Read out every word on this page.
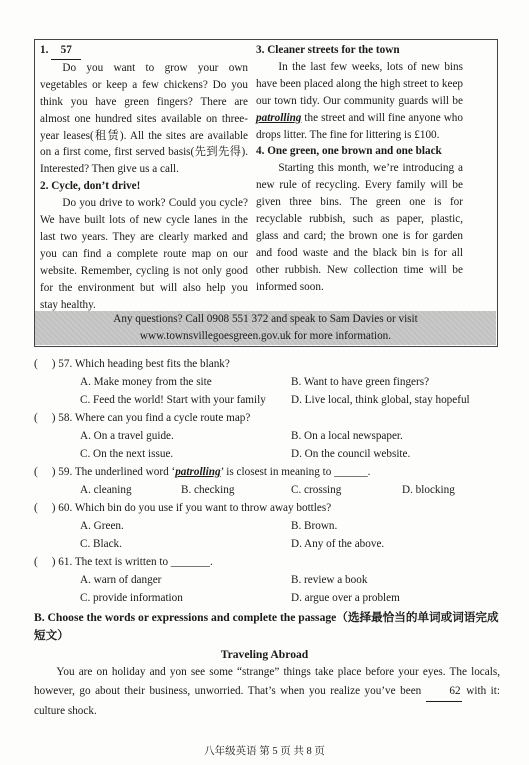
1. 57

Do you want to grow your own vegetables or keep a few chickens? Do you think you have green fingers? There are almost one hundred sites available on three-year leases(租赁). All the sites are available on a first come, first served basis(先到先得). Interested? Then give us a call.

2. Cycle, don’t drive!

Do you drive to work? Could you cycle? We have built lots of new cycle lanes in the last two years. They are clearly marked and you can find a complete route map on our website. Remember, cycling is not only good for the environment but will also help you stay healthy.

3. Cleaner streets for the town

In the last few weeks, lots of new bins have been placed along the high street to keep our town tidy. Our community guards will be patrolling the street and will fine anyone who drops litter. The fine for littering is £100.

4. One green, one brown and one black

Starting this month, we’re introducing a new rule of recycling. Every family will be given three bins. The green one is for recyclable rubbish, such as paper, plastic, glass and card; the brown one is for garden and food waste and the black bin is for all other rubbish. New collection time will be informed soon.

Any questions? Call 0908 551 372 and speak to Sam Davies or visit
www.townsvillegoesgreen.gov.uk for more information.
( ) 57. Which heading best fits the blank?
A. Make money from the site	B. Want to have green fingers?
C. Feed the world! Start with your family D. Live local, think global, stay hopeful
( ) 58. Where can you find a cycle route map?
A. On a travel guide.	B. On a local newspaper.
C. On the next issue.	D. On the council website.
( ) 59. The underlined word ‘patrolling’ is closest in meaning to ______.
A. cleaning	B. checking	C. crossing	D. blocking
( ) 60. Which bin do you use if you want to throw away bottles?
A. Green.	B. Brown.
C. Black.	D. Any of the above.
( ) 61. The text is written to _______.
A. warn of danger	B. review a book
C. provide information	D. argue over a problem
B. Choose the words or expressions and complete the passage（选择最恰当的单词或词语完成短文）
Traveling Abroad

You are on holiday and yon see some “strange” things take place before your eyes. The locals, however, go about their business, unworried. That’s when you realize you’ve been	62 with it: culture shock.

八年级英语 第 5 页 共 8 页
